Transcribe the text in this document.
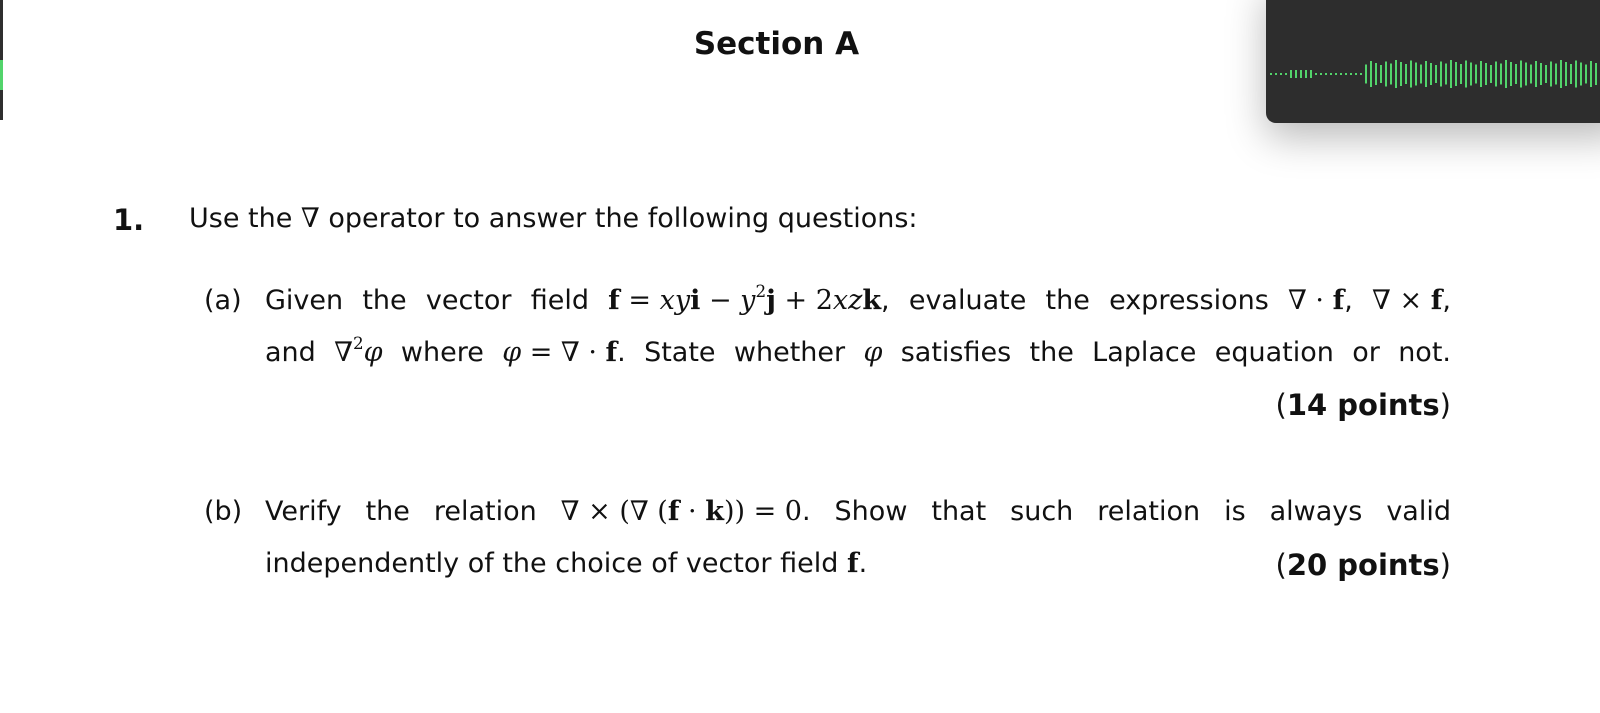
Section A
1. Use the ∇ operator to answer the following questions:
(a) Given the vector field f = xyi − $y^2j + 2xzk$, evaluate the expressions ∇ · f, ∇ × f,
and ∇$^2$φ where φ = ∇ · f. State whether φ satisfies the Laplace equation or not.
(14 points)
(b) Verify the relation ∇ × (∇ (f · k)) = 0. Show that such relation is always valid
independently of the choice of vector field f.	(20 points)
